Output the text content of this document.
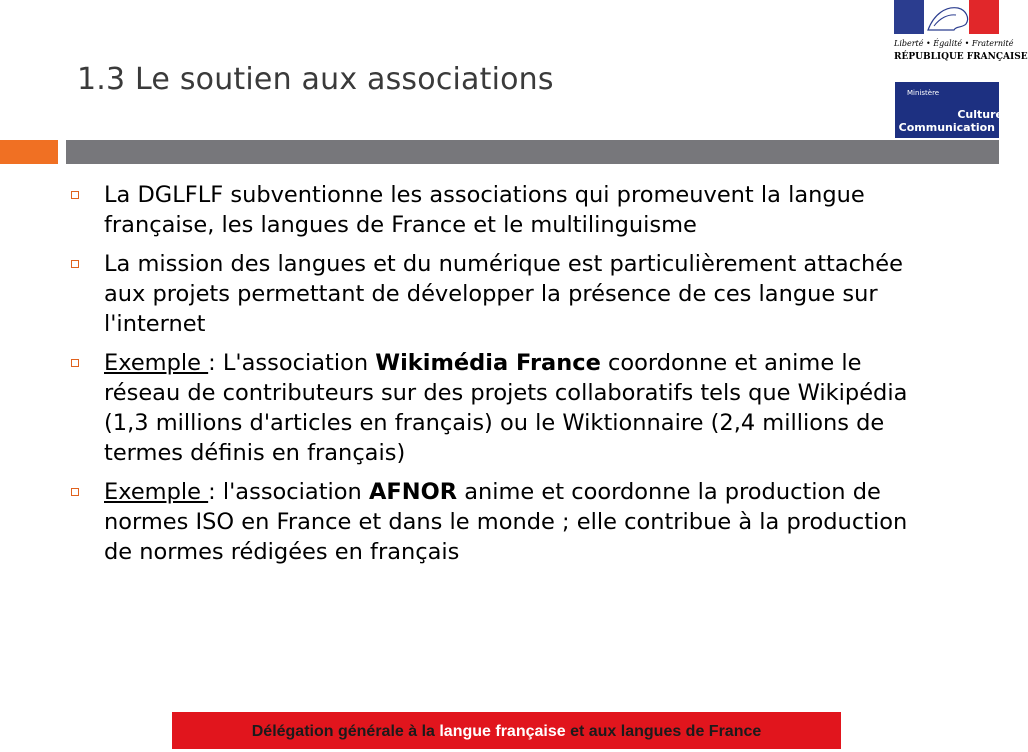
1.3 Le soutien aux associations
Liberté • Égalité • Fraternité
RÉPUBLIQUE FRANÇAISE
Ministère
Culture
Communication
La DGLFLF subventionne les associations qui promeuvent la langue française, les langues de France et le multilinguisme
La mission des langues et du numérique est particulièrement attachée aux projets permettant de développer la présence de ces langue sur l'internet
Exemple : L'association Wikimédia France coordonne et anime le réseau de contributeurs sur des projets collaboratifs tels que Wikipédia (1,3 millions d'articles en français) ou le Wiktionnaire (2,4 millions de termes définis en français)
Exemple : l'association AFNOR anime et coordonne la production de normes ISO en France et dans le monde ; elle contribue à la production de normes rédigées en français
Délégation générale à la langue française et aux langues de France
